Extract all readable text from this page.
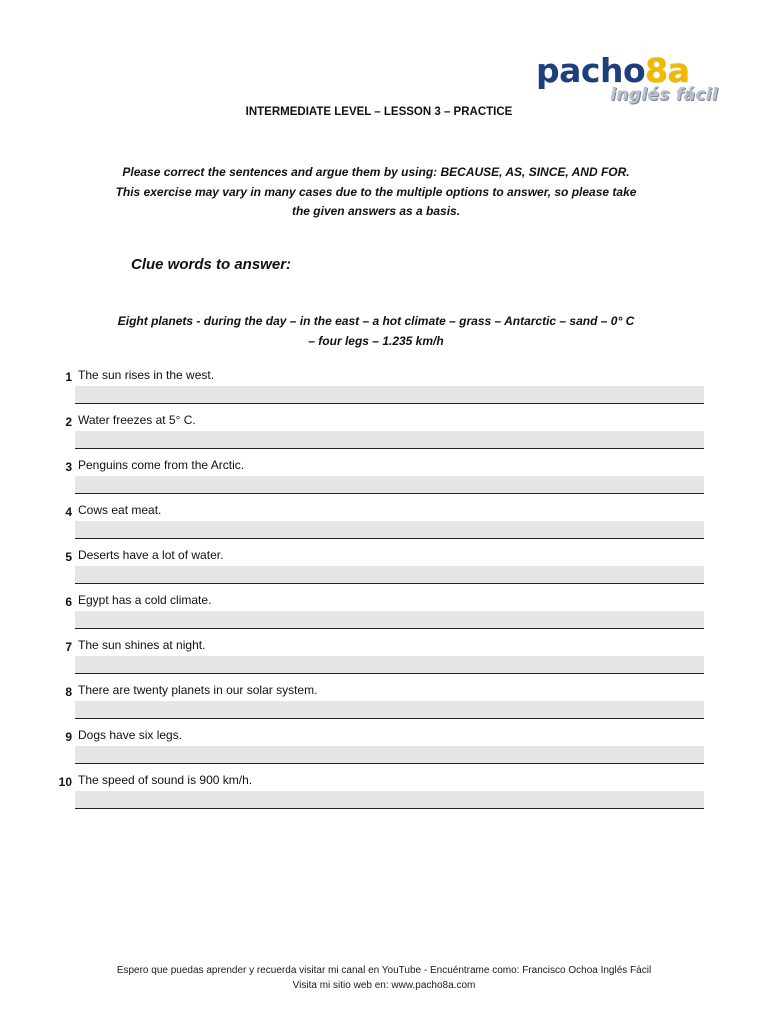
pacho8a
inglés fácil
INTERMEDIATE LEVEL – LESSON 3 – PRACTICE
Please correct the sentences and argue them by using: BECAUSE, AS, SINCE, AND FOR. This exercise may vary in many cases due to the multiple options to answer, so please take the given answers as a basis.
Clue words to answer:
Eight planets - during the day – in the east – a hot climate – grass – Antarctic – sand – 0° C
– four legs – 1.235 km/h
1 The sun rises in the west.
2 Water freezes at 5° C.
3 Penguins come from the Arctic.
4 Cows eat meat.
5 Deserts have a lot of water.
6 Egypt has a cold climate.
7 The sun shines at night.
8 There are twenty planets in our solar system.
9 Dogs have six legs.
10 The speed of sound is 900 km/h.
Espero que puedas aprender y recuerda visitar mi canal en YouTube - Encuéntrame como: Francisco Ochoa Inglés Fácil
Visita mi sitio web en: www.pacho8a.com
